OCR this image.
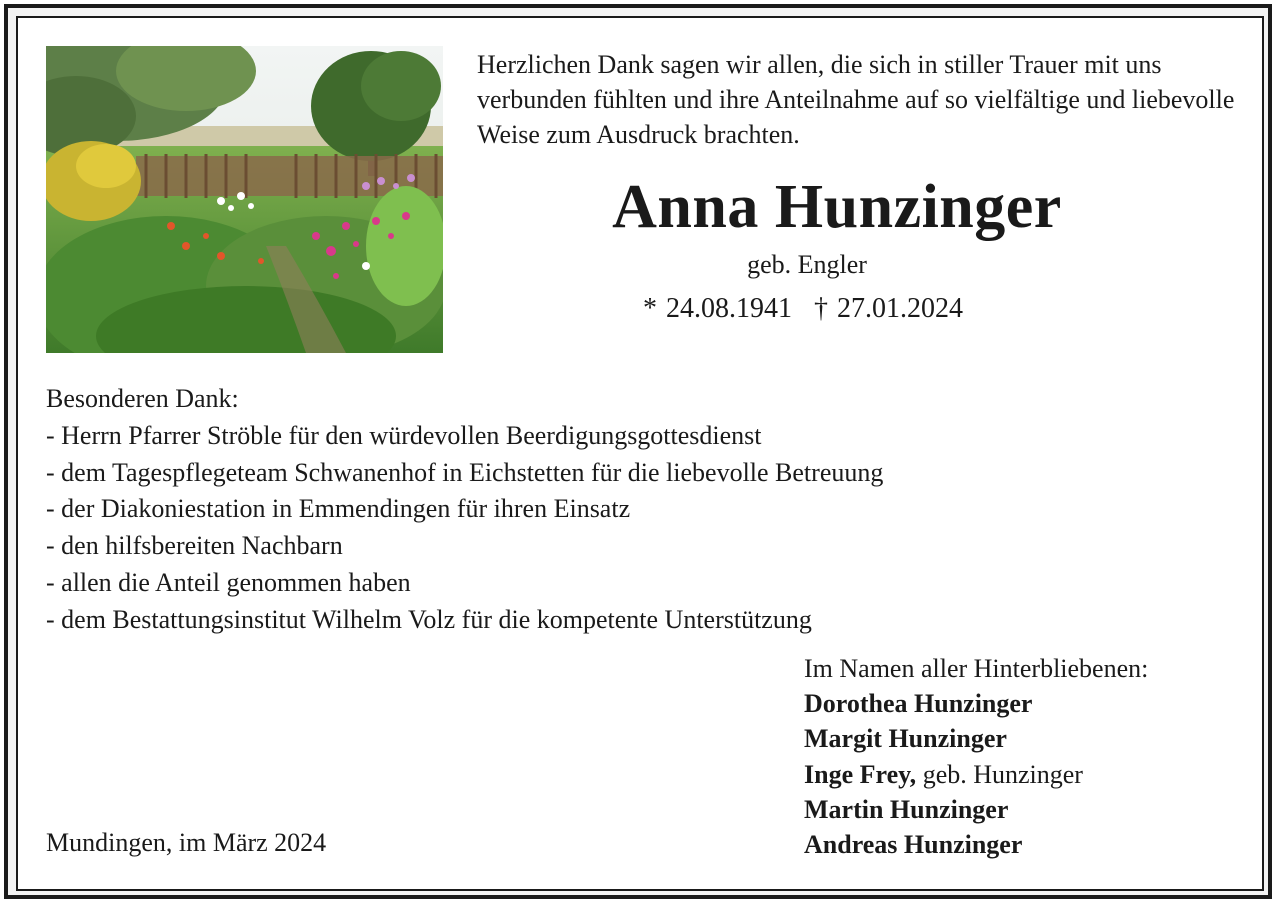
Herzlichen Dank sagen wir allen, die sich in stiller Trauer mit uns verbunden fühlten und ihre Anteilnahme auf so vielfältige und liebevolle Weise zum Ausdruck brachten.

Anna Hunzinger
geb. Engler
* 24.08.1941 † 27.01.2024
Besonderen Dank:
- Herrn Pfarrer Ströble für den würdevollen Beerdigungsgottesdienst
- dem Tagespflegeteam Schwanenhof in Eichstetten für die liebevolle Betreuung
- der Diakoniestation in Emmendingen für ihren Einsatz
- den hilfsbereiten Nachbarn
- allen die Anteil genommen haben
- dem Bestattungsinstitut Wilhelm Volz für die kompetente Unterstützung
Im Namen aller Hinterbliebenen:
Dorothea Hunzinger
Margit Hunzinger
Inge Frey, geb. Hunzinger
Martin Hunzinger
Andreas Hunzinger
Mundingen, im März 2024
